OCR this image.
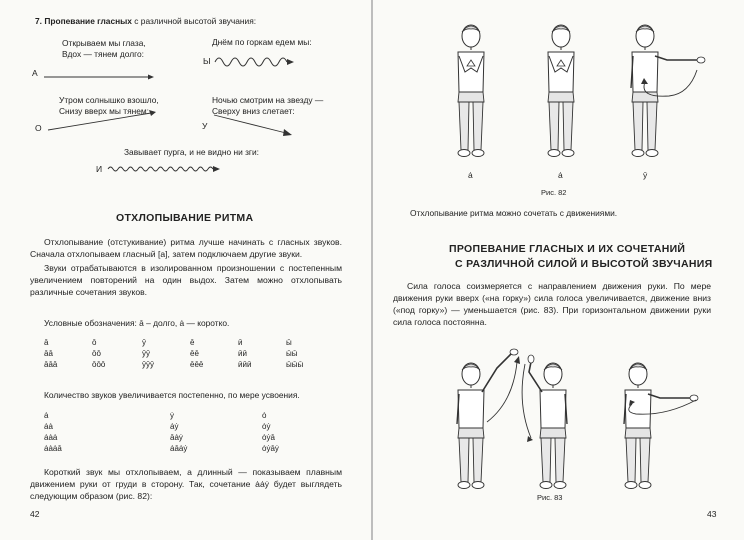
7. Пропевание гласных с различной высотой звучания:
Открываем мы глаза,
Вдох — тянем долго:
А
Днём по горкам едем мы:
Ы
Утром солнышко взошло,
Снизу вверх мы тянем:
О
Ночью смотрим на звезду —
Сверху вниз слетает:
У
Завывает пурга, и не видно ни зги:
И
ОТХЛОПЫВАНИЕ РИТМА
Отхлопывание (отстукивание) ритма лучше начинать с гласных звуков. Сначала отхлопываем гласный [а], затем подключаем другие звуки.
Звуки отрабатываются в изолированном произношении с постепенным увеличением повторений на один выдох. Затем можно отхлопывать различные сочетания звуков.
Условные обозначения: ā – долго, ȧ — коротко.
ā
āā
āāā
ō
ōō
ōōō
ȳ
ȳȳ
ȳȳȳ
ē
ēē
ēēē
ӣ
ӣӣ
ӣӣӣ
ы̄
ы̄ы̄
ы̄ы̄ы̄
Количество звуков увеличивается постепенно, по мере усвоения.
ȧ
ȧȧ
ȧȧȧ
ȧȧȧā
ẏ
ȧẏ
āȧẏ
ȧāȧẏ
ȯ
ȯẏ
ȯẏā
ȯẏāẏ
Короткий звук мы отхлопываем, а длинный — показываем плавным движением руки от груди в сторону. Так, сочетание ȧȧẏ будет выглядеть следующим образом (рис. 82):
42
ȧ	ȧ	ȳ
Рис. 82
Отхлопывание ритма можно сочетать с движениями.
ПРОПЕВАНИЕ ГЛАСНЫХ И ИХ СОЧЕТАНИЙ
С РАЗЛИЧНОЙ СИЛОЙ И ВЫСОТОЙ ЗВУЧАНИЯ
Сила голоса соизмеряется с направлением движения руки. По мере движения руки вверх («на горку») сила голоса увеличивается, движение вниз («под горку») — уменьшается (рис. 83). При горизонтальном движении руки сила голоса постоянна.
Рис. 83
43
